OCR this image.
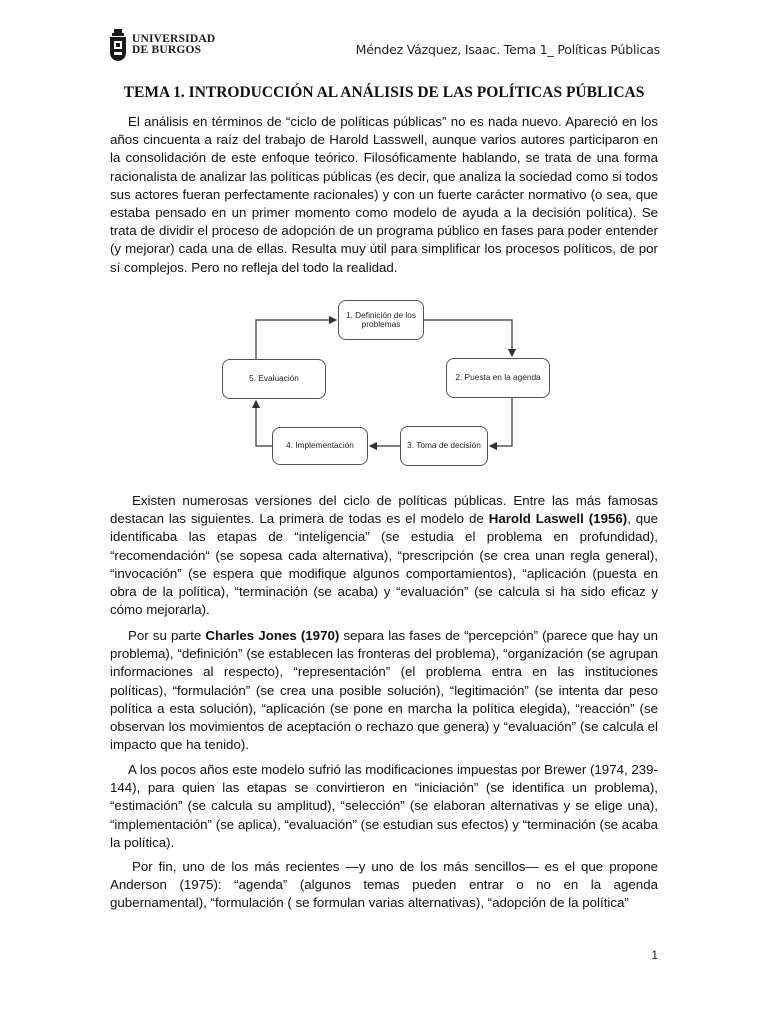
UNIVERSIDAD
DE BURGOS	Méndez Vázquez, Isaac. Tema 1_ Políticas Públicas
TEMA 1. INTRODUCCIÓN AL ANÁLISIS DE LAS POLÍTICAS PÚBLICAS

El análisis en términos de “ciclo de políticas públicas” no es nada nuevo. Apareció en los años cincuenta a raíz del trabajo de Harold Lasswell, aunque varios autores participaron en la consolidación de este enfoque teórico. Filosóficamente hablando, se trata de una forma racionalista de analizar las políticas públicas (es decir, que analiza la sociedad como si todos sus actores fueran perfectamente racionales) y con un fuerte carácter normativo (o sea, que estaba pensado en un primer momento como modelo de ayuda a la decisión política). Se trata de dividir el proceso de adopción de un programa público en fases para poder entender (y mejorar) cada una de ellas. Resulta muy útil para simplificar los procesos políticos, de por sí complejos. Pero no refleja del todo la realidad.

1. Definición de los problemas
2. Puesta en la agenda
3. Toma de decisión
4. Implementación
5. Evaluación

Existen numerosas versiones del ciclo de políticas públicas. Entre las más famosas destacan las siguientes. La primera de todas es el modelo de Harold Laswell (1956), que identificaba las etapas de “inteligencia” (se estudia el problema en profundidad), “recomendación“ (se sopesa cada alternativa), “prescripción (se crea unan regla general), “invocación” (se espera que modifique algunos comportamientos), “aplicación (puesta en obra de la política), “terminación (se acaba) y “evaluación” (se calcula si ha sido eficaz y cómo mejorarla).

Por su parte Charles Jones (1970) separa las fases de “percepción” (parece que hay un problema), “definición” (se establecen las fronteras del problema), “organización (se agrupan informaciones al respecto), “representación” (el problema entra en las instituciones políticas), “formulación” (se crea una posible solución), “legitimación” (se intenta dar peso política a esta solución), “aplicación (se pone en marcha la política elegida), “reacción” (se observan los movimientos de aceptación o rechazo que genera) y “evaluación” (se calcula el impacto que ha tenido).

A los pocos años este modelo sufrió las modificaciones impuestas por Brewer (1974, 239-144), para quien las etapas se convirtieron en “iniciación” (se identifica un problema), “estimación” (se calcula su amplitud), “selección” (se elaboran alternativas y se elige una), “implementación” (se aplica), “evaluación” (se estudian sus efectos) y “terminación (se acaba la política).

Por fin, uno de los más recientes —y uno de los más sencillos— es el que propone Anderson (1975): “agenda” (algunos temas pueden entrar o no en la agenda gubernamental), “formulación ( se formulan varias alternativas), “adopción de la política”

1
